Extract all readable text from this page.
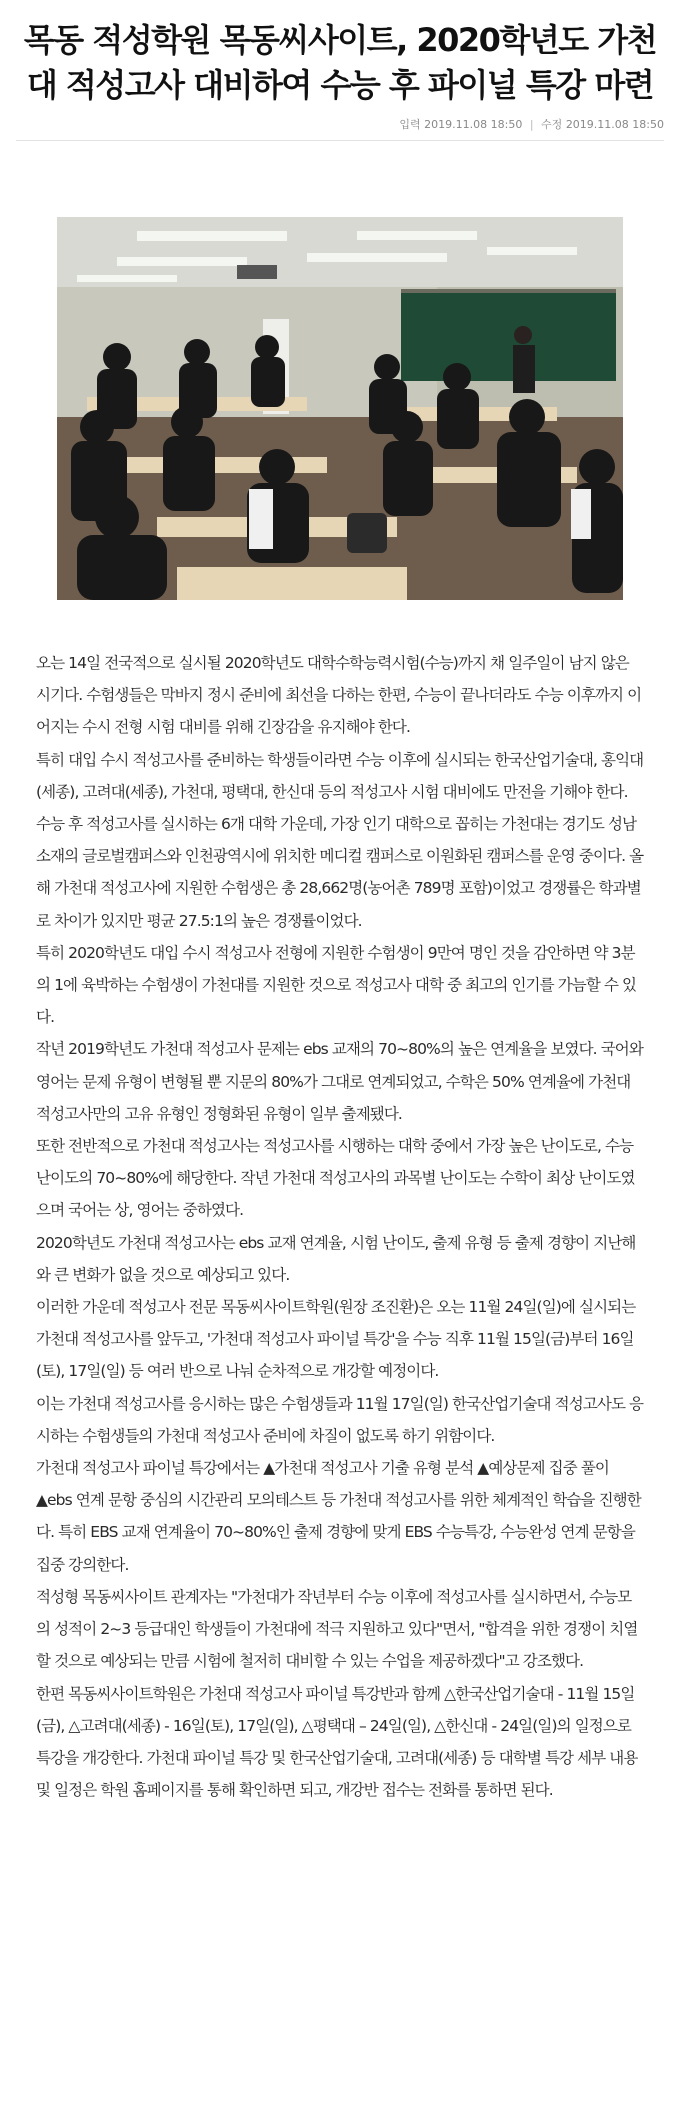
목동 적성학원 목동씨사이트, 2020학년도 가천대 적성고사 대비하여 수능 후 파이널 특강 마련
입력 2019.11.08 18:50 | 수정 2019.11.08 18:50

오는 14일 전국적으로 실시될 2020학년도 대학수학능력시험(수능)까지 채 일주일이 남지 않은 시기다. 수험생들은 막바지 정시 준비에 최선을 다하는 한편, 수능이 끝나더라도 수능 이후까지 이어지는 수시 전형 시험 대비를 위해 긴장감을 유지해야 한다.

특히 대입 수시 적성고사를 준비하는 학생들이라면 수능 이후에 실시되는 한국산업기술대, 홍익대(세종), 고려대(세종), 가천대, 평택대, 한신대 등의 적성고사 시험 대비에도 만전을 기해야 한다.

수능 후 적성고사를 실시하는 6개 대학 가운데, 가장 인기 대학으로 꼽히는 가천대는 경기도 성남 소재의 글로벌캠퍼스와 인천광역시에 위치한 메디컬 캠퍼스로 이원화된 캠퍼스를 운영 중이다. 올해 가천대 적성고사에 지원한 수험생은 총 28,662명(농어촌 789명 포함)이었고 경쟁률은 학과별로 차이가 있지만 평균 27.5:1의 높은 경쟁률이었다.

특히 2020학년도 대입 수시 적성고사 전형에 지원한 수험생이 9만여 명인 것을 감안하면 약 3분의 1에 육박하는 수험생이 가천대를 지원한 것으로 적성고사 대학 중 최고의 인기를 가늠할 수 있다.

작년 2019학년도 가천대 적성고사 문제는 ebs 교재의 70~80%의 높은 연계율을 보였다. 국어와 영어는 문제 유형이 변형될 뿐 지문의 80%가 그대로 연계되었고, 수학은 50% 연계율에 가천대 적성고사만의 고유 유형인 정형화된 유형이 일부 출제됐다.

또한 전반적으로 가천대 적성고사는 적성고사를 시행하는 대학 중에서 가장 높은 난이도로, 수능 난이도의 70~80%에 해당한다. 작년 가천대 적성고사의 과목별 난이도는 수학이 최상 난이도였으며 국어는 상, 영어는 중하였다.

2020학년도 가천대 적성고사는 ebs 교재 연계율, 시험 난이도, 출제 유형 등 출제 경향이 지난해와 큰 변화가 없을 것으로 예상되고 있다.

이러한 가운데 적성고사 전문 목동씨사이트학원(원장 조진환)은 오는 11월 24일(일)에 실시되는 가천대 적성고사를 앞두고, '가천대 적성고사 파이널 특강'을 수능 직후 11월 15일(금)부터 16일(토), 17일(일) 등 여러 반으로 나눠 순차적으로 개강할 예정이다.

이는 가천대 적성고사를 응시하는 많은 수험생들과 11월 17일(일) 한국산업기술대 적성고사도 응시하는 수험생들의 가천대 적성고사 준비에 차질이 없도록 하기 위함이다.

가천대 적성고사 파이널 특강에서는 ▲가천대 적성고사 기출 유형 분석 ▲예상문제 집중 풀이 ▲ebs 연계 문항 중심의 시간관리 모의테스트 등 가천대 적성고사를 위한 체계적인 학습을 진행한다. 특히 EBS 교재 연계율이 70~80%인 출제 경향에 맞게 EBS 수능특강, 수능완성 연계 문항을 집중 강의한다.

적성형 목동씨사이트 관계자는 "가천대가 작년부터 수능 이후에 적성고사를 실시하면서, 수능모의 성적이 2~3 등급대인 학생들이 가천대에 적극 지원하고 있다"면서, "합격을 위한 경쟁이 치열할 것으로 예상되는 만큼 시험에 철저히 대비할 수 있는 수업을 제공하겠다"고 강조했다.

한편 목동씨사이트학원은 가천대 적성고사 파이널 특강반과 함께 △한국산업기술대 - 11월 15일(금), △고려대(세종) - 16일(토), 17일(일), △평택대 – 24일(일), △한신대 - 24일(일)의 일정으로 특강을 개강한다. 가천대 파이널 특강 및 한국산업기술대, 고려대(세종) 등 대학별 특강 세부 내용 및 일정은 학원 홈페이지를 통해 확인하면 되고, 개강반 접수는 전화를 통하면 된다.
